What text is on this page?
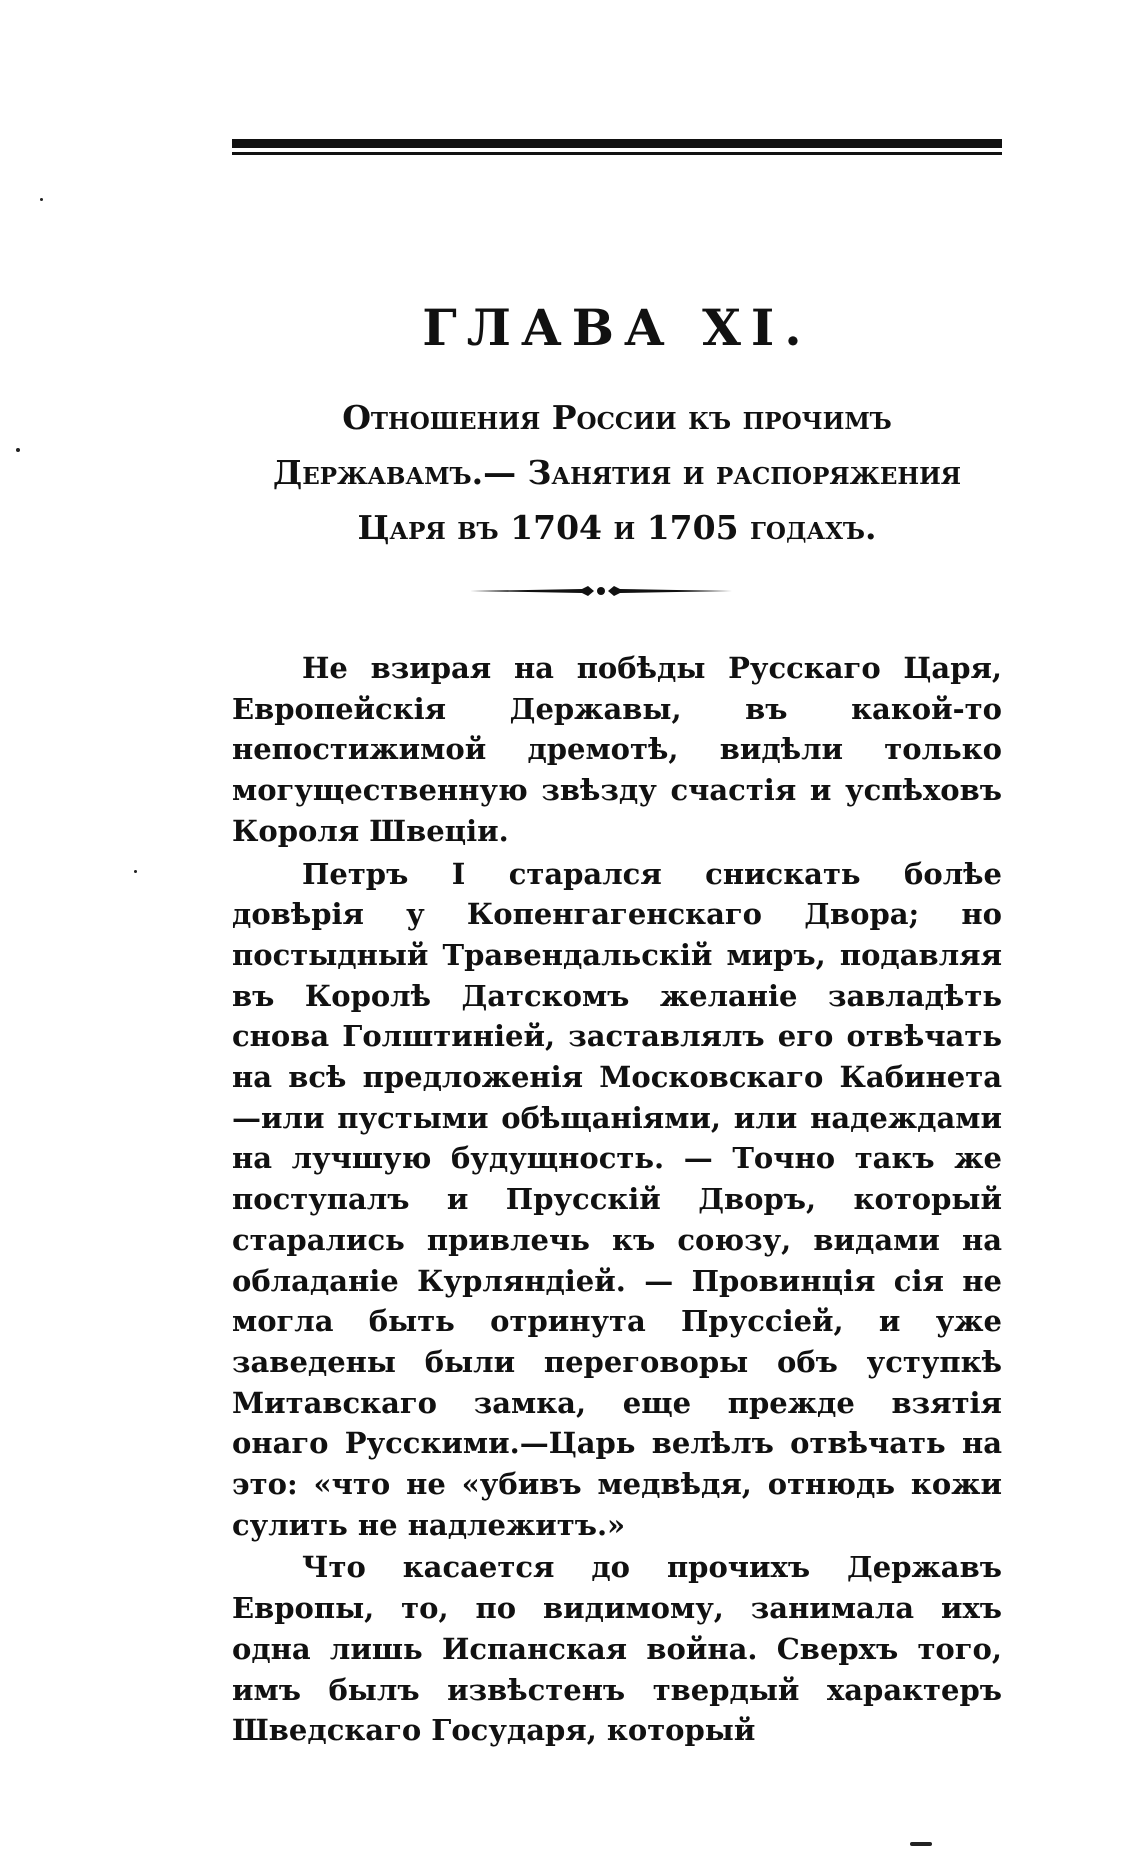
ГЛАВА XI.
Отношения России къ прочимъ Державамъ.— Занятия и распоряжения Царя въ 1704 и 1705 годахъ.

Не взирая на побѣды Русскаго Царя, Европейскія Державы, въ какой-то непостижимой дремотѣ, видѣли только могущественную звѣзду счастія и успѣховъ Короля Швеціи.

Петръ I старался снискать болѣе довѣрія у Копенгагенскаго Двора; но постыдный Травендальскій миръ, подавляя въ Королѣ Датскомъ желаніе завладѣть снова Голштиніей, заставлялъ его отвѣчать на всѣ предложенія Московскаго Кабинета—или пустыми обѣщаніями, или надеждами на лучшую будущность. — Точно такъ же поступалъ и Прусскій Дворъ, который старались привлечь къ союзу, видами на обладаніе Курляндіей. — Провинція сія не могла быть отринута Пруссіей, и уже заведены были переговоры объ уступкѣ Митавскаго замка, еще прежде взятія онаго Русскими.—Царь велѣлъ отвѣчать на это: «что не «убивъ медвѣдя, отнюдь кожи сулить не надлежитъ.»

Что касается до прочихъ Державъ Европы, то, по видимому, занимала ихъ одна лишь Испанская война. Сверхъ того, имъ былъ извѣстенъ твердый характеръ Шведскаго Государя, который
